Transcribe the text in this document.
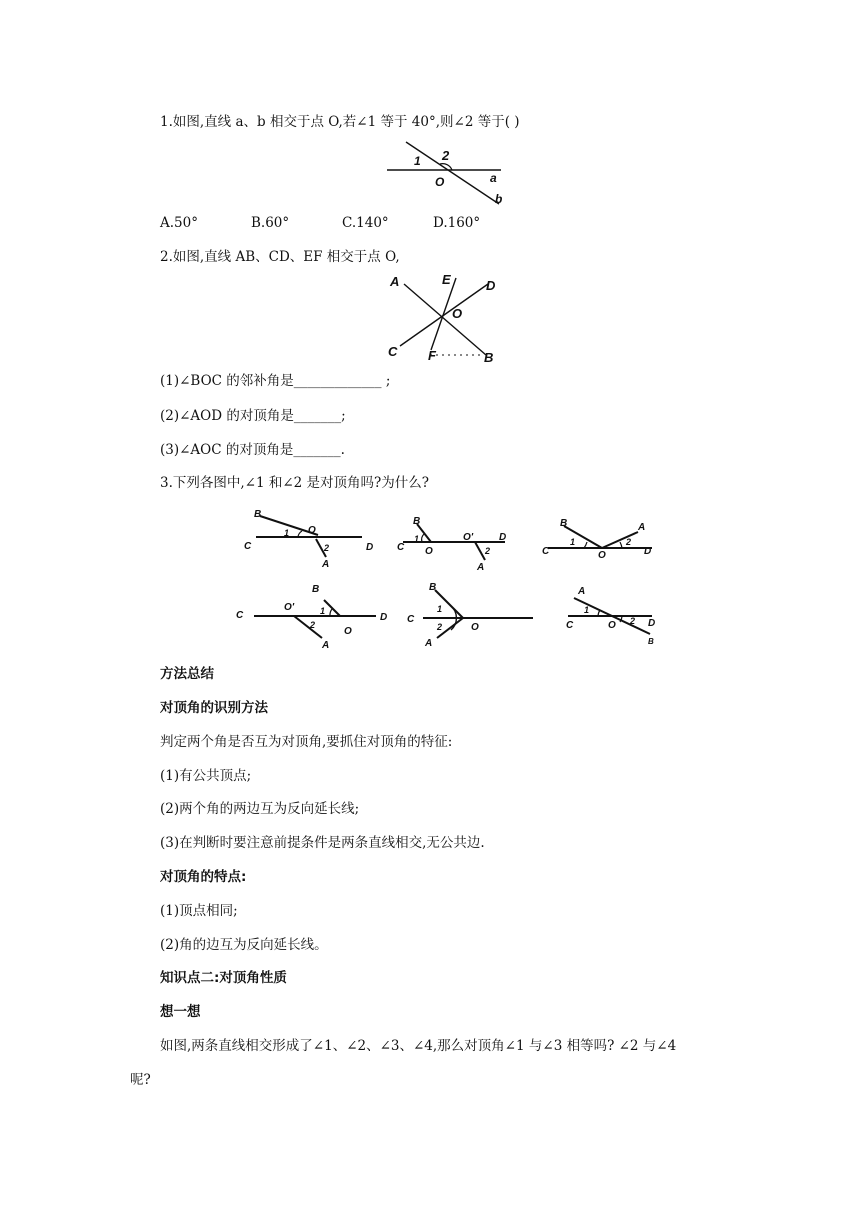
1.如图,直线 a、b 相交于点 O,若∠1 等于 40°,则∠2 等于( )
1 2
O	a
b
A.50°	B.60°	C.140°	D.160°
2.如图,直线 AB、CD、EF 相交于点 O,
A	E	D
O
C F	B
(1)∠BOC 的邻补角是_____________ ;
(2)∠AOD 的对顶角是_______;
(3)∠AOC 的对顶角是_______.
3.下列各图中,∠1 和∠2 是对顶角吗?为什么?
B
O
C
1
2	D
A
B
O'	D
C
1
O	2
A
B	A
C
1
O
2
D
B
O'	1
C	D
2
O
A
B
1
C
2	O
A
A
1
C	O 2 D
B
方法总结
对顶角的识别方法
判定两个角是否互为对顶角,要抓住对顶角的特征:
(1)有公共顶点;
(2)两个角的两边互为反向延长线;
(3)在判断时要注意前提条件是两条直线相交,无公共边.
对顶角的特点:
(1)顶点相同;
(2)角的边互为反向延长线。
知识点二:对顶角性质
想一想
如图,两条直线相交形成了∠1、∠2、∠3、∠4,那么对顶角∠1 与∠3 相等吗? ∠2 与∠4
呢?
